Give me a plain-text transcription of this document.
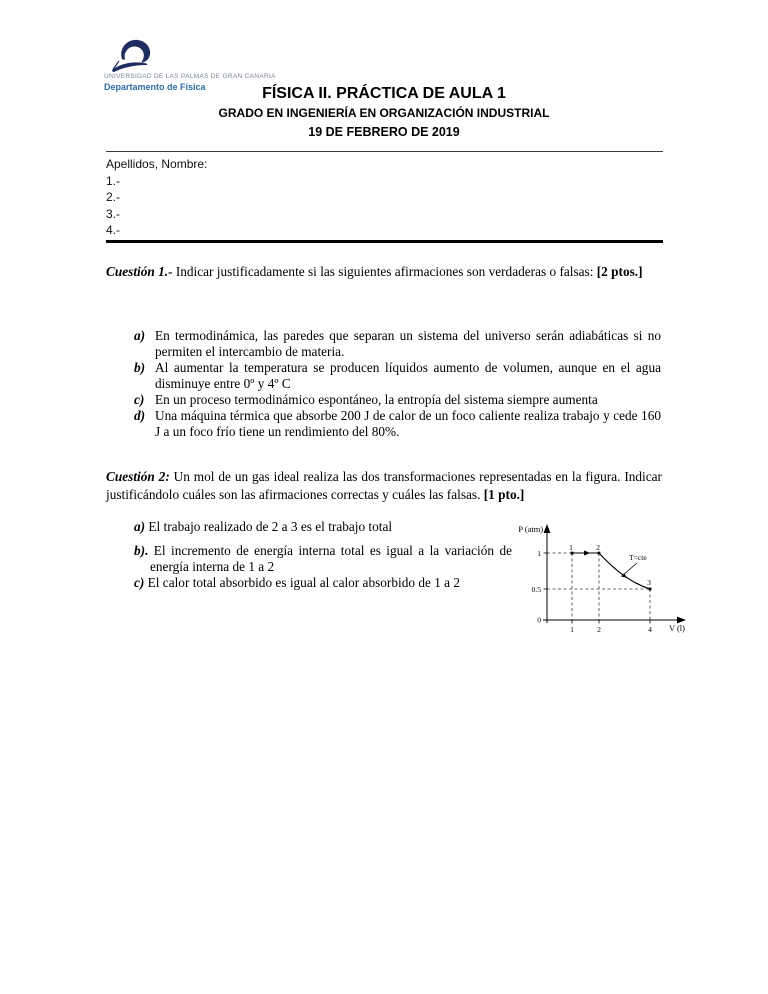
UNIVERSIDAD DE LAS PALMAS DE GRAN CANARIA
Departamento de Física	FÍSICA II. PRÁCTICA DE AULA 1
GRADO EN INGENIERÍA EN ORGANIZACIÓN INDUSTRIAL
19 DE FEBRERO DE 2019
Apellidos, Nombre:
1.-
2.-
3.-
4.-

Cuestión 1.- Indicar justificadamente si las siguientes afirmaciones son verdaderas o falsas: [2 ptos.]

a) En termodinámica, las paredes que separan un sistema del universo serán adiabáticas si no permiten el intercambio de materia.
b) Al aumentar la temperatura se producen líquidos aumento de volumen, aunque en el agua disminuye entre 0º y 4º C
c) En un proceso termodinámico espontáneo, la entropía del sistema siempre aumenta
d) Una máquina térmica que absorbe 200 J de calor de un foco caliente realiza trabajo y cede 160 J a un foco frío tiene un rendimiento del 80%.

Cuestión 2: Un mol de un gas ideal realiza las dos transformaciones representadas en la figura. Indicar justificándolo cuáles son las afirmaciones correctas y cuáles las falsas. [1 pto.]

a) El trabajo realizado de 2 a 3 es el trabajo total
b). El incremento de energía interna total es igual a la variación de energía interna de 1 a 2
c) El calor total absorbido es igual al calor absorbido de 1 a 2
T=cte
P (atm)
V (l)
1
0.5
0
1	2	4
1	2
3
